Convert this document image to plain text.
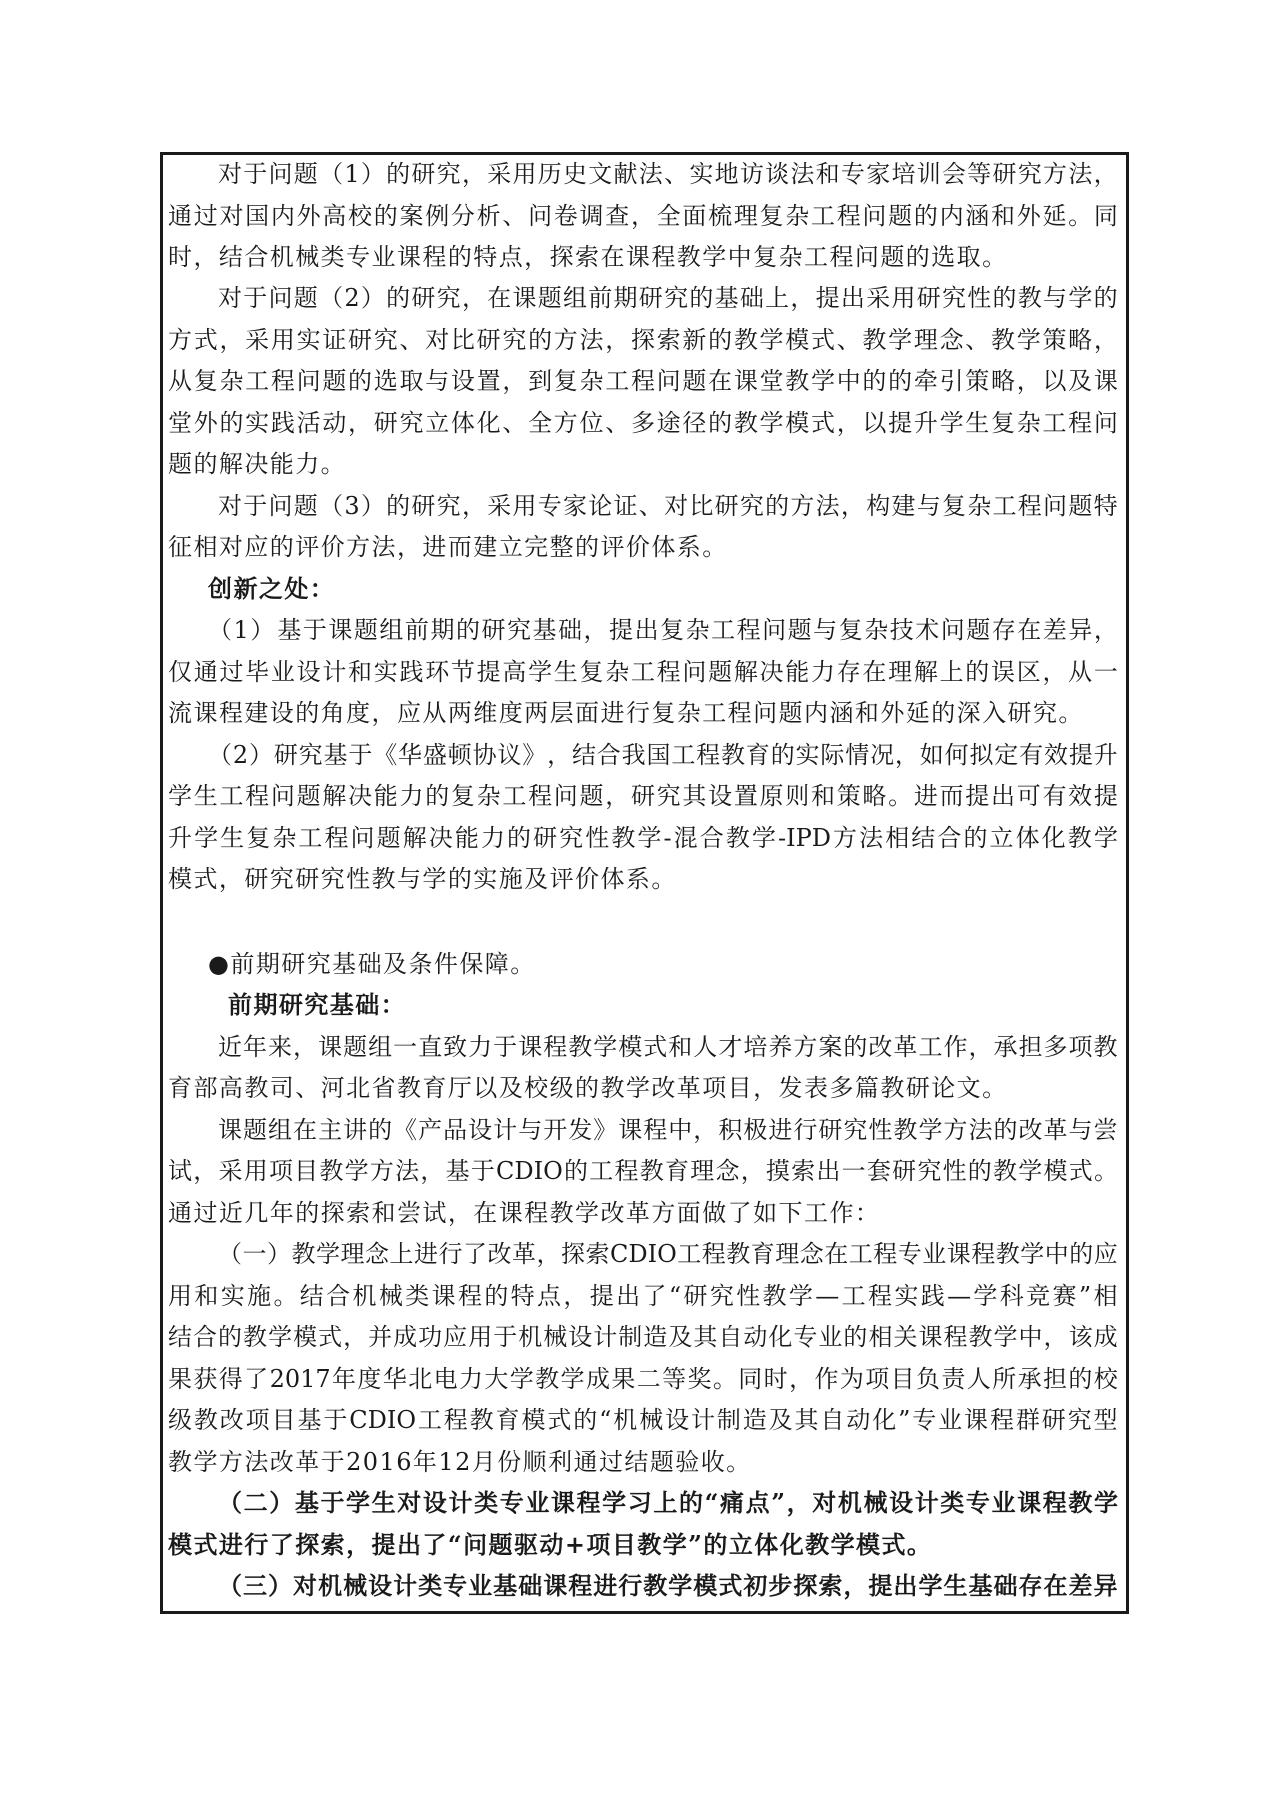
对 于 问 题 （ 1 ） 的 研 究 ， 采 用 历 史 文 献 法 、 实 地 访 谈 法 和 专 家 培 训 会 等 研 究 方 法 ，
通 过 对 国 内 外 高 校 的 案 例 分 析 、 问 卷 调 查 ， 全 面 梳 理 复 杂 工 程 问 题 的 内 涵 和 外 延 。 同
时，结合机械类专业课程的特点，探索在课程教学中复杂工程问题的选取。
对 于 问 题 （ 2 ） 的 研 究 ， 在 课 题 组 前 期 研 究 的 基 础 上 ， 提 出 采 用 研 究 性 的 教 与 学 的
方 式 ， 采 用 实 证 研 究 、 对 比 研 究 的 方 法 ， 探 索 新 的 教 学 模 式 、 教 学 理 念 、 教 学 策 略 ，
从 复 杂 工 程 问 题 的 选 取 与 设 置 ， 到 复 杂 工 程 问 题 在 课 堂 教 学 中 的 的 牵 引 策 略 ， 以 及 课
堂 外 的 实 践 活 动 ， 研 究 立 体 化 、 全 方 位 、 多 途 径 的 教 学 模 式 ， 以 提 升 学 生 复 杂 工 程 问
题的解决能力。
对 于 问 题 （ 3 ） 的 研 究 ， 采 用 专 家 论 证 、 对 比 研 究 的 方 法 ， 构 建 与 复 杂 工 程 问 题 特
征相对应的评价方法，进而建立完整的评价体系。
创新之处：
（ 1 ） 基 于 课 题 组 前 期 的 研 究 基 础 ， 提 出 复 杂 工 程 问 题 与 复 杂 技 术 问 题 存 在 差 异 ，
仅 通 过 毕 业 设 计 和 实 践 环 节 提 高 学 生 复 杂 工 程 问 题 解 决 能 力 存 在 理 解 上 的 误 区 ， 从 一
流课程建设的角度，应从两维度两层面进行复杂工程问题内涵和外延的深入研究。
（ 2 ） 研 究 基 于 《 华 盛 顿 协 议 》 ， 结 合 我 国 工 程 教 育 的 实 际 情 况 ， 如 何 拟 定 有 效 提 升
学 生 工 程 问 题 解 决 能 力 的 复 杂 工 程 问 题 ， 研 究 其 设 置 原 则 和 策 略 。 进 而 提 出 可 有 效 提
升 学 生 复 杂 工 程 问 题 解 决 能 力 的 研 究 性 教 学 - 混 合 教 学 -IPD 方 法 相 结 合 的 立 体 化 教 学
模式，研究研究性教与学的实施及评价体系。
●前期研究基础及条件保障。
前期研究基础：
近 年 来 ， 课 题 组 一 直 致 力 于 课 程 教 学 模 式 和 人 才 培 养 方 案 的 改 革 工 作 ， 承 担 多 项 教
育部高教司、河北省教育厅以及校级的教学改革项目，发表多篇教研论文。
课 题 组 在 主 讲 的 《 产 品 设 计 与 开 发 》 课 程 中 ， 积 极 进 行 研 究 性 教 学 方 法 的 改 革 与 尝
试 ， 采 用 项 目 教 学 方 法 ， 基 于 CDIO 的 工 程 教 育 理 念 ， 摸 索 出 一 套 研 究 性 的 教 学 模 式 。
通过近几年的探索和尝试，在课程教学改革方面做了如下工作：
（ 一 ） 教 学 理 念 上 进 行 了 改 革 ， 探 索 CDIO 工 程 教 育 理 念 在 工 程 专 业 课 程 教 学 中 的 应
用 和 实 施 。 结 合 机 械 类 课 程 的 特 点 ， 提 出 了 “ 研 究 性 教 学 — 工 程 实 践 — 学 科 竞 赛 ” 相
结 合 的 教 学 模 式 ， 并 成 功 应 用 于 机 械 设 计 制 造 及 其 自 动 化 专 业 的 相 关 课 程 教 学 中 ， 该 成
果 获 得 了 2017 年 度 华 北 电 力 大 学 教 学 成 果 二 等 奖 。 同 时 ， 作 为 项 目 负 责 人 所 承 担 的 校
级 教 改 项 目 基 于 CDIO 工 程 教 育 模 式 的 “ 机 械 设 计 制 造 及 其 自 动 化 ” 专 业 课 程 群 研 究 型
教学方法改革于2016年12月份顺利通过结题验收。
（ 二 ） 基 于 学 生 对 设 计 类 专 业 课 程 学 习 上 的 “ 痛 点 ” ， 对 机 械 设 计 类 专 业 课 程 教 学
模式进行了探索，提出了“问题驱动+项目教学”的立体化教学模式。
（ 三 ） 对 机 械 设 计 类 专 业 基 础 课 程 进 行 教 学 模 式 初 步 探 索 ， 提 出 学 生 基 础 存 在 差 异
